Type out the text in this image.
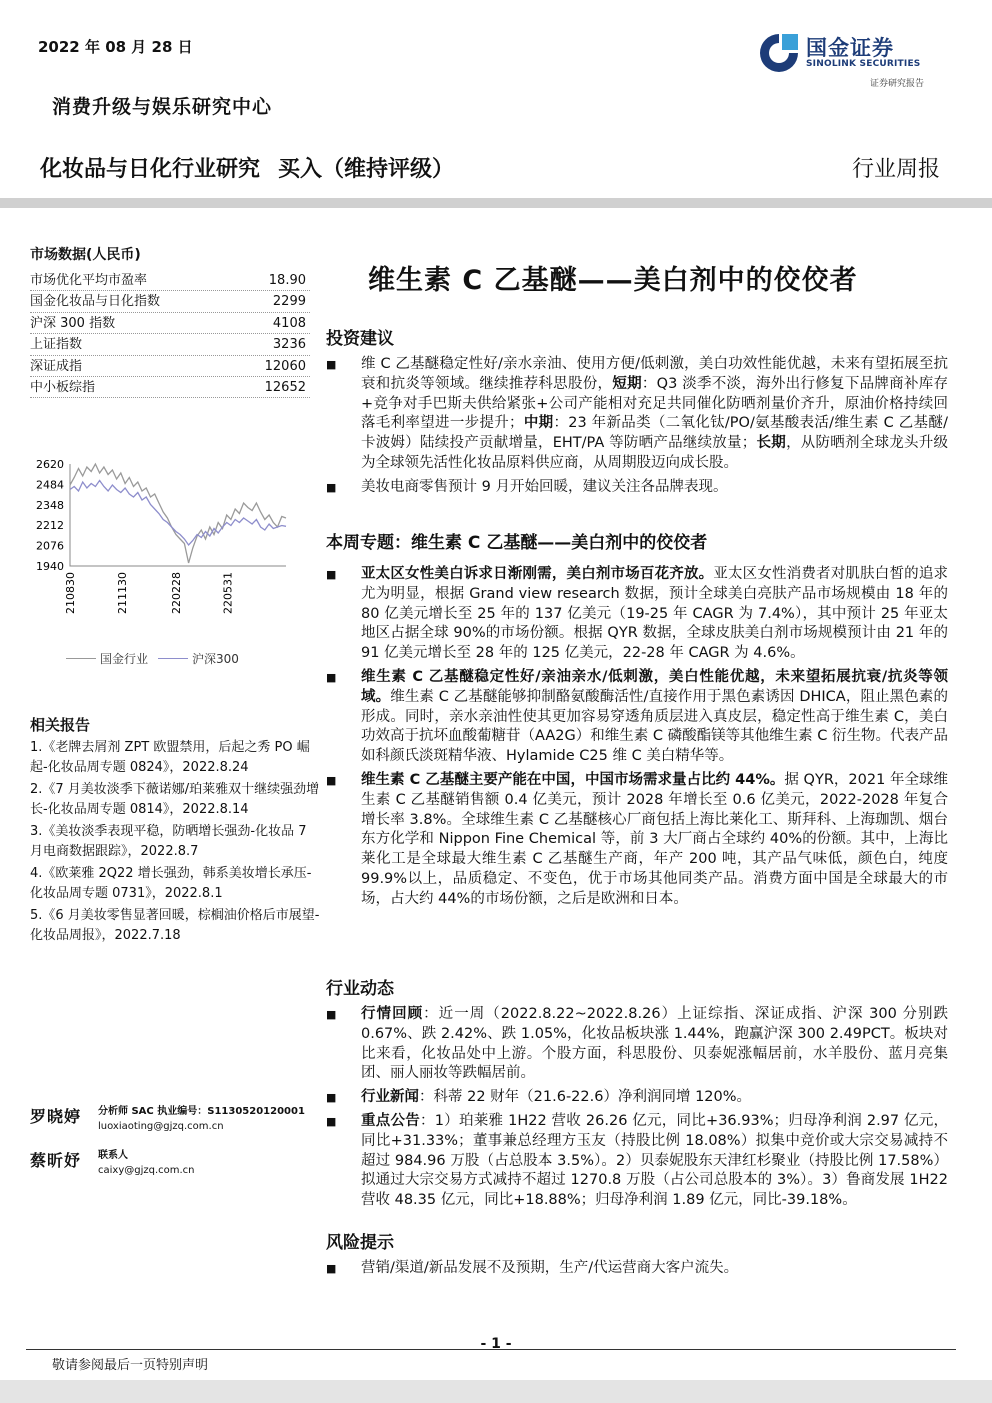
2022 年 08 月 28 日	国金证券
SINOLINK SECURITIES
证券研究报告
消费升级与娱乐研究中心
化妆品与日化行业研究 买入（维持评级）	行业周报
市场数据(人民币)
市场优化平均市盈率	18.90
国金化妆品与日化指数	2299
沪深 300 指数	4108
上证指数	3236
深证成指	12060
中小板综指	12652
2620
2484
2348
2212
2076
1940
210830	211130	220228	220531
国金行业	沪深300
相关报告
1.《老牌去屑剂 ZPT 欧盟禁用，后起之秀 PO 崛起-化妆品周专题 0824》，2022.8.24
2.《7 月美妆淡季下薇诺娜/珀莱雅双十继续强劲增长-化妆品周专题 0814》，2022.8.14
3.《美妆淡季表现平稳，防晒增长强劲-化妆品 7 月电商数据跟踪》，2022.8.7
4.《欧莱雅 2Q22 增长强劲，韩系美妆增长承压-化妆品周专题 0731》，2022.8.1
5.《6 月美妆零售显著回暖，棕榈油价格后市展望-化妆品周报》，2022.7.18
罗晓婷	分析师 SAC 执业编号：S1130520120001
luoxiaoting@gjzq.com.cn
蔡昕妤	联系人
caixy@gjzq.com.cn
维生素 C 乙基醚——美白剂中的佼佼者
投资建议
■	维 C 乙基醚稳定性好/亲水亲油、使用方便/低刺激，美白功效性能优越，未来有望拓展至抗衰和抗炎等领域。继续推荐科思股份，短期：Q3 淡季不淡，海外出行修复下品牌商补库存+竞争对手巴斯夫供给紧张+公司产能相对充足共同催化防晒剂量价齐升，原油价格持续回落毛利率望进一步提升；中期：23 年新品类（二氧化钛/PO/氨基酸表活/维生素 C 乙基醚/卡波姆）陆续投产贡献增量，EHT/PA 等防晒产品继续放量；长期，从防晒剂全球龙头升级为全球领先活性化妆品原料供应商，从周期股迈向成长股。
■	美妆电商零售预计 9 月开始回暖，建议关注各品牌表现。
本周专题：维生素 C 乙基醚——美白剂中的佼佼者
■	亚太区女性美白诉求日渐刚需，美白剂市场百花齐放。亚太区女性消费者对肌肤白皙的追求尤为明显，根据 Grand view research 数据，预计全球美白亮肤产品市场规模由 18 年的 80 亿美元增长至 25 年的 137 亿美元（19-25 年 CAGR 为 7.4%），其中预计 25 年亚太地区占据全球 90%的市场份额。根据 QYR 数据，全球皮肤美白剂市场规模预计由 21 年的 91 亿美元增长至 28 年的 125 亿美元，22-28 年 CAGR 为 4.6%。
■	维生素 C 乙基醚稳定性好/亲油亲水/低刺激，美白性能优越，未来望拓展抗衰/抗炎等领域。维生素 C 乙基醚能够抑制酪氨酸酶活性/直接作用于黑色素诱因 DHICA，阻止黑色素的形成。同时，亲水亲油性使其更加容易穿透角质层进入真皮层，稳定性高于维生素 C，美白功效高于抗坏血酸葡糖苷（AA2G）和维生素 C 磷酸酯镁等其他维生素 C 衍生物。代表产品如科颜氏淡斑精华液、Hylamide C25 维 C 美白精华等。
■	维生素 C 乙基醚主要产能在中国，中国市场需求量占比约 44%。据 QYR，2021 年全球维生素 C 乙基醚销售额 0.4 亿美元，预计 2028 年增长至 0.6 亿美元，2022-2028 年复合增长率 3.8%。全球维生素 C 乙基醚核心厂商包括上海比莱化工、斯拜科、上海珈凯、烟台东方化学和 Nippon Fine Chemical 等，前 3 大厂商占全球约 40%的份额。其中，上海比莱化工是全球最大维生素 C 乙基醚生产商，年产 200 吨，其产品气味低，颜色白，纯度 99.9%以上，品质稳定、不变色，优于市场其他同类产品。消费方面中国是全球最大的市场，占大约 44%的市场份额，之后是欧洲和日本。
行业动态
■	行情回顾：近一周（2022.8.22~2022.8.26）上证综指、深证成指、沪深 300 分别跌 0.67%、跌 2.42%、跌 1.05%，化妆品板块涨 1.44%，跑赢沪深 300 2.49PCT。板块对比来看，化妆品处中上游。个股方面，科思股份、贝泰妮涨幅居前，水羊股份、蓝月亮集团、丽人丽妆等跌幅居前。
■	行业新闻：科蒂 22 财年（21.6-22.6）净利润同增 120%。
■	重点公告：1）珀莱雅 1H22 营收 26.26 亿元，同比+36.93%；归母净利润 2.97 亿元，同比+31.33%；董事兼总经理方玉友（持股比例 18.08%）拟集中竞价或大宗交易减持不超过 984.96 万股（占总股本 3.5%）。2）贝泰妮股东天津红杉聚业（持股比例 17.58%）拟通过大宗交易方式减持不超过 1270.8 万股（占公司总股本的 3%）。3）鲁商发展 1H22 营收 48.35 亿元，同比+18.88%；归母净利润 1.89 亿元，同比-39.18%。
风险提示
■	营销/渠道/新品发展不及预期，生产/代运营商大客户流失。
- 1 -
敬请参阅最后一页特别声明
